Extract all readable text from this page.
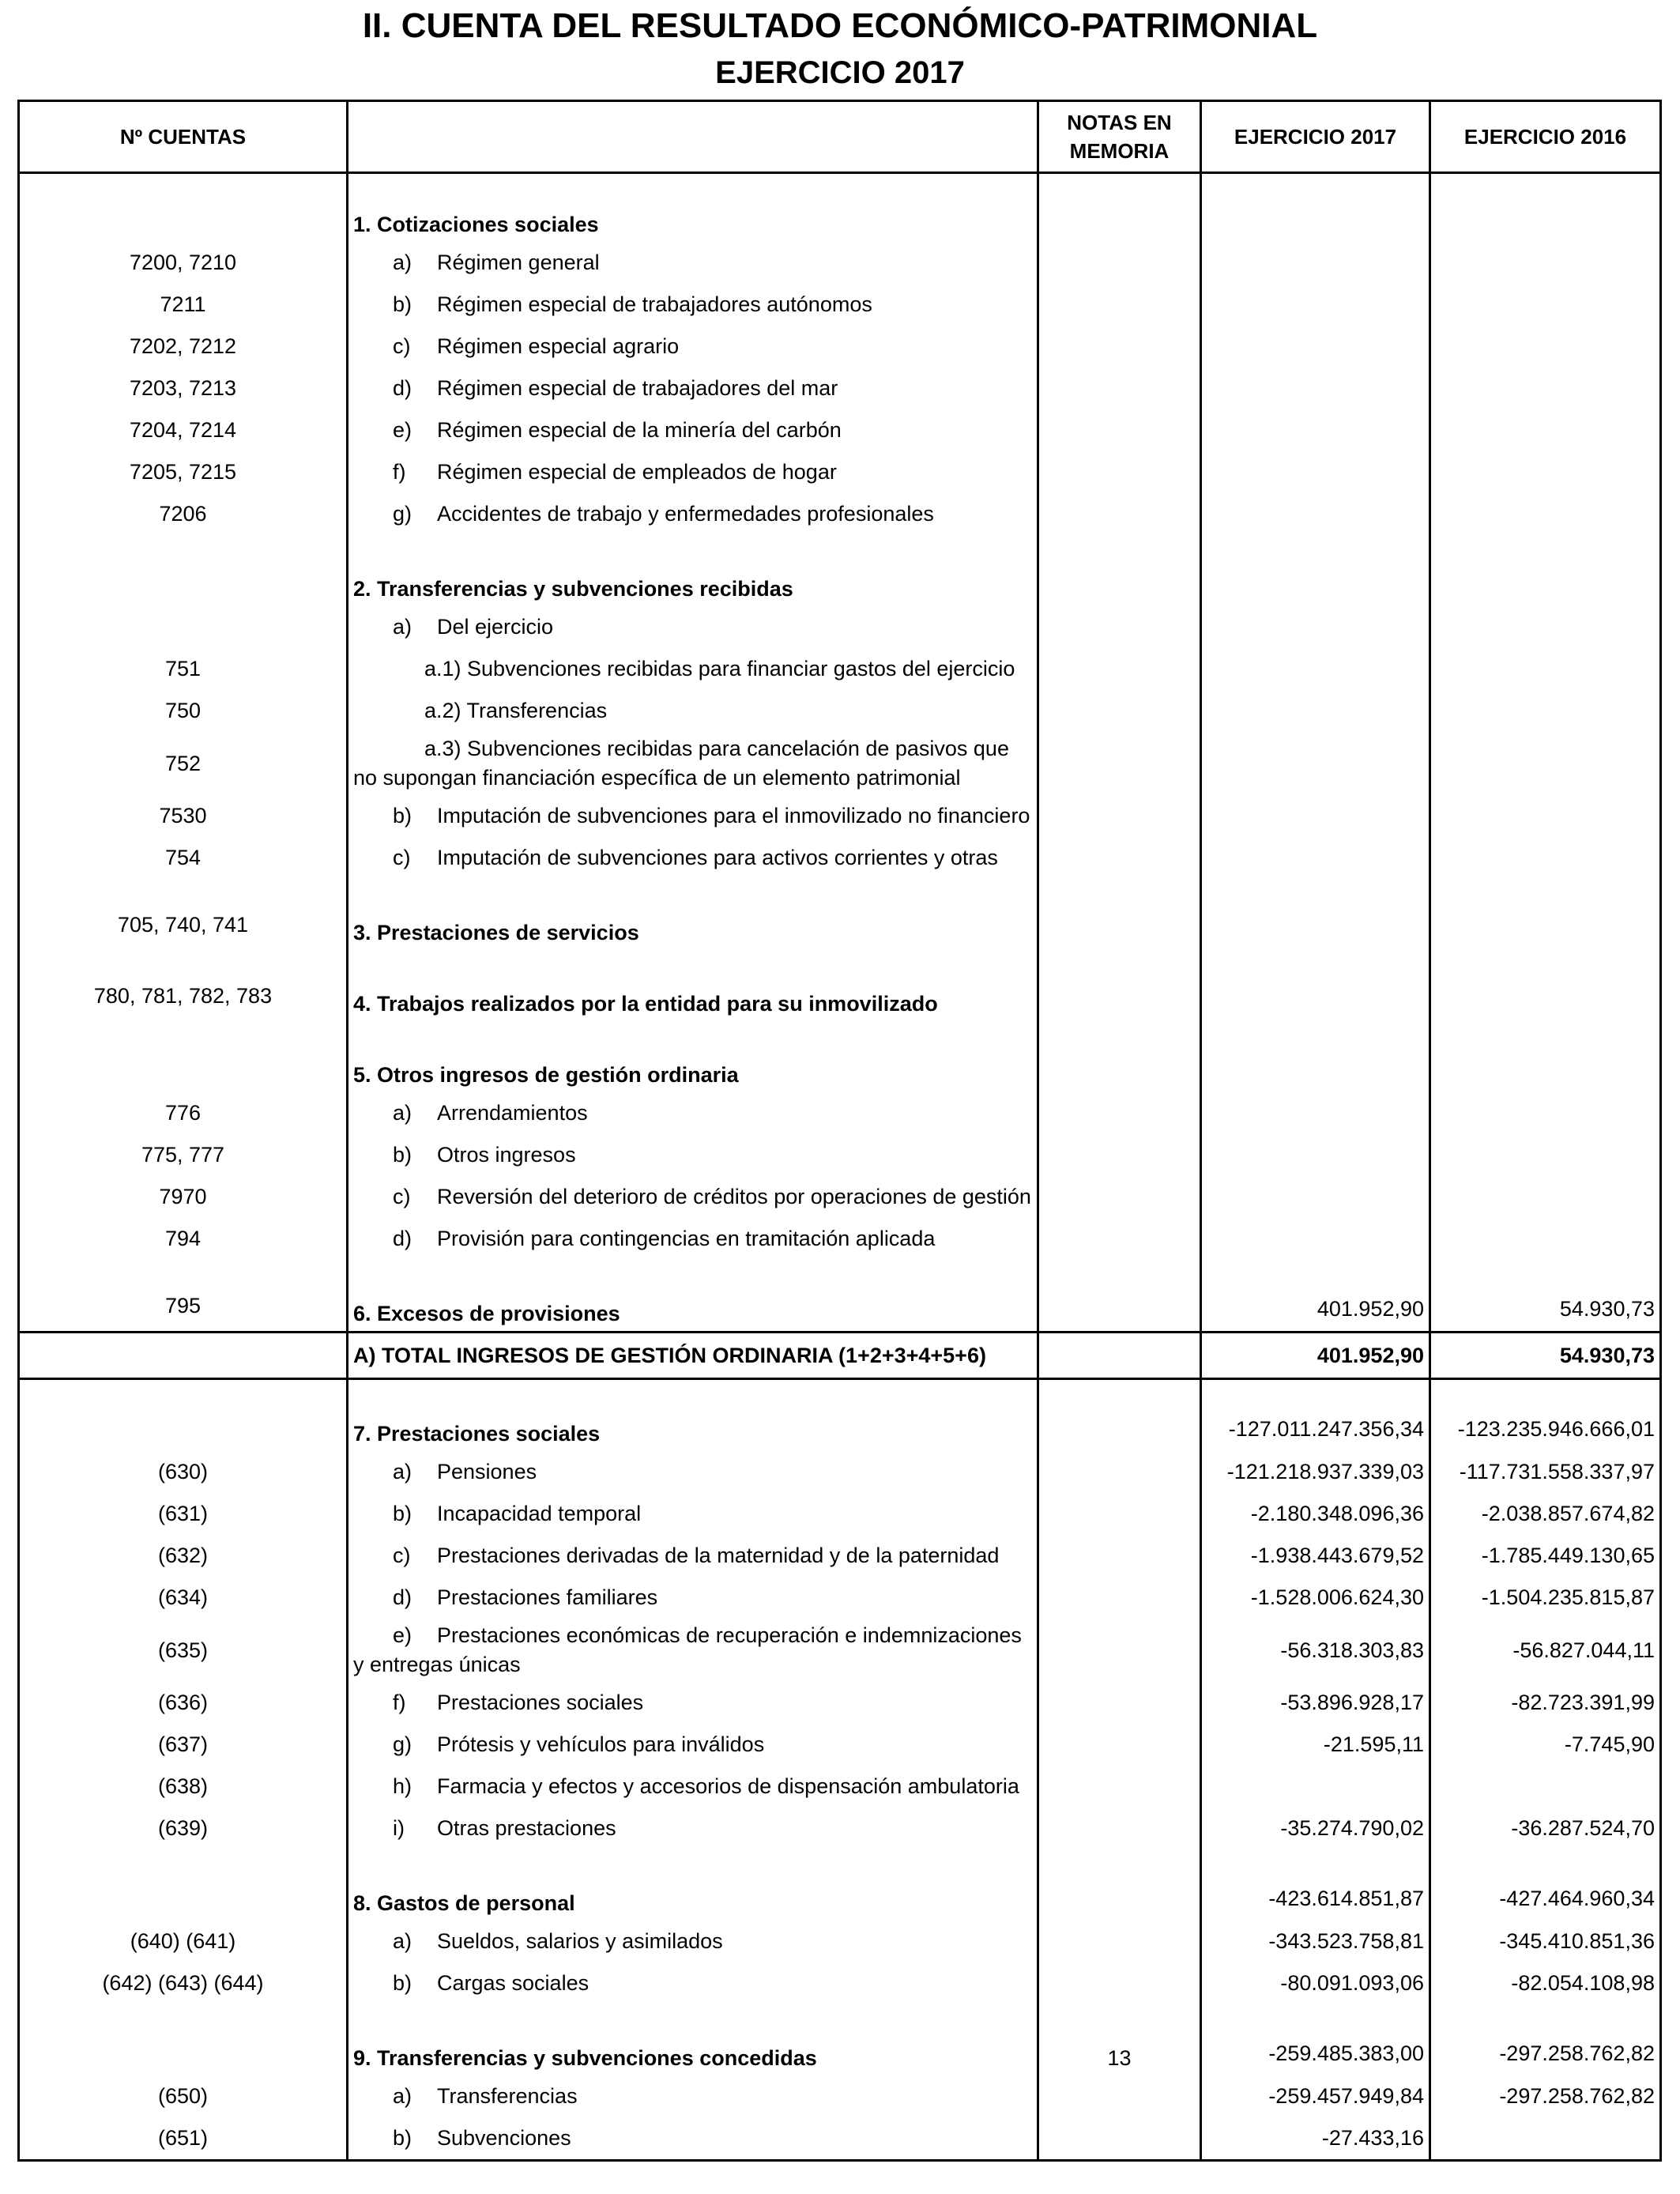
II. CUENTA DEL RESULTADO ECONÓMICO-PATRIMONIAL
EJERCICIO 2017
Nº CUENTAS		NOTAS EN MEMORIA	EJERCICIO 2017	EJERCICIO 2016
	1. Cotizaciones sociales			
7200, 7210	a) Régimen general			
7211	b) Régimen especial de trabajadores autónomos			
7202, 7212	c) Régimen especial agrario			
7203, 7213	d) Régimen especial de trabajadores del mar			
7204, 7214	e) Régimen especial de la minería del carbón			
7205, 7215	f) Régimen especial de empleados de hogar			
7206	g) Accidentes de trabajo y enfermedades profesionales			
	2. Transferencias y subvenciones recibidas			
	a) Del ejercicio			
751	a.1) Subvenciones recibidas para financiar gastos del ejercicio			
750	a.2) Transferencias			
752	a.3) Subvenciones recibidas para cancelación de pasivos que
no supongan financiación específica de un elemento patrimonial			
7530	b) Imputación de subvenciones para el inmovilizado no financiero			
754	c) Imputación de subvenciones para activos corrientes y otras			
705, 740, 741	3. Prestaciones de servicios			
780, 781, 782, 783	4. Trabajos realizados por la entidad para su inmovilizado			
	5. Otros ingresos de gestión ordinaria			
776	a) Arrendamientos			
775, 777	b) Otros ingresos			
7970	c) Reversión del deterioro de créditos por operaciones de gestión			
794	d) Provisión para contingencias en tramitación aplicada			
795	6. Excesos de provisiones		401.952,90	54.930,73
	A) TOTAL INGRESOS DE GESTIÓN ORDINARIA (1+2+3+4+5+6)		401.952,90	54.930,73
	7. Prestaciones sociales		-127.011.247.356,34	-123.235.946.666,01
(630)	a) Pensiones		-121.218.937.339,03	-117.731.558.337,97
(631)	b) Incapacidad temporal		-2.180.348.096,36	-2.038.857.674,82
(632)	c) Prestaciones derivadas de la maternidad y de la paternidad		-1.938.443.679,52	-1.785.449.130,65
(634)	d) Prestaciones familiares		-1.528.006.624,30	-1.504.235.815,87
(635)	e) Prestaciones económicas de recuperación e indemnizaciones
y entregas únicas		-56.318.303,83	-56.827.044,11
(636)	f) Prestaciones sociales		-53.896.928,17	-82.723.391,99
(637)	g) Prótesis y vehículos para inválidos		-21.595,11	-7.745,90
(638)	h) Farmacia y efectos y accesorios de dispensación ambulatoria			
(639)	i) Otras prestaciones		-35.274.790,02	-36.287.524,70
	8. Gastos de personal		-423.614.851,87	-427.464.960,34
(640) (641)	a) Sueldos, salarios y asimilados		-343.523.758,81	-345.410.851,36
(642) (643) (644)	b) Cargas sociales		-80.091.093,06	-82.054.108,98
	9. Transferencias y subvenciones concedidas	13	-259.485.383,00	-297.258.762,82
(650)	a) Transferencias		-259.457.949,84	-297.258.762,82
(651)	b) Subvenciones		-27.433,16	
